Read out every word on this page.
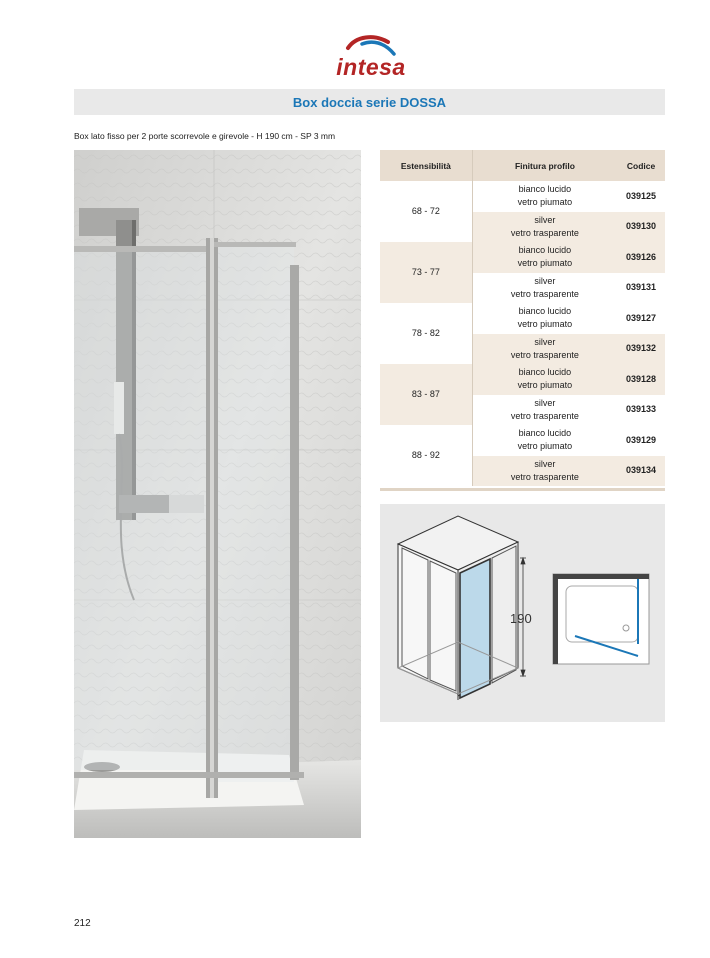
intesa
Box doccia serie DOSSA
Box lato fisso per 2 porte scorrevole e girevole - H 190 cm - SP 3 mm
Estensibilità	Finitura profilo	Codice
68 - 72	bianco lucido
vetro piumato	039125

	silver
vetro trasparente	039130
73 - 77	bianco lucido
vetro piumato	039126

	silver
vetro trasparente	039131
78 - 82	bianco lucido
vetro piumato	039127

	silver
vetro trasparente	039132
83 - 87	bianco lucido
vetro piumato	039128

	silver
vetro trasparente	039133
88 - 92	bianco lucido
vetro piumato	039129

	silver
vetro trasparente	039134
190
212
